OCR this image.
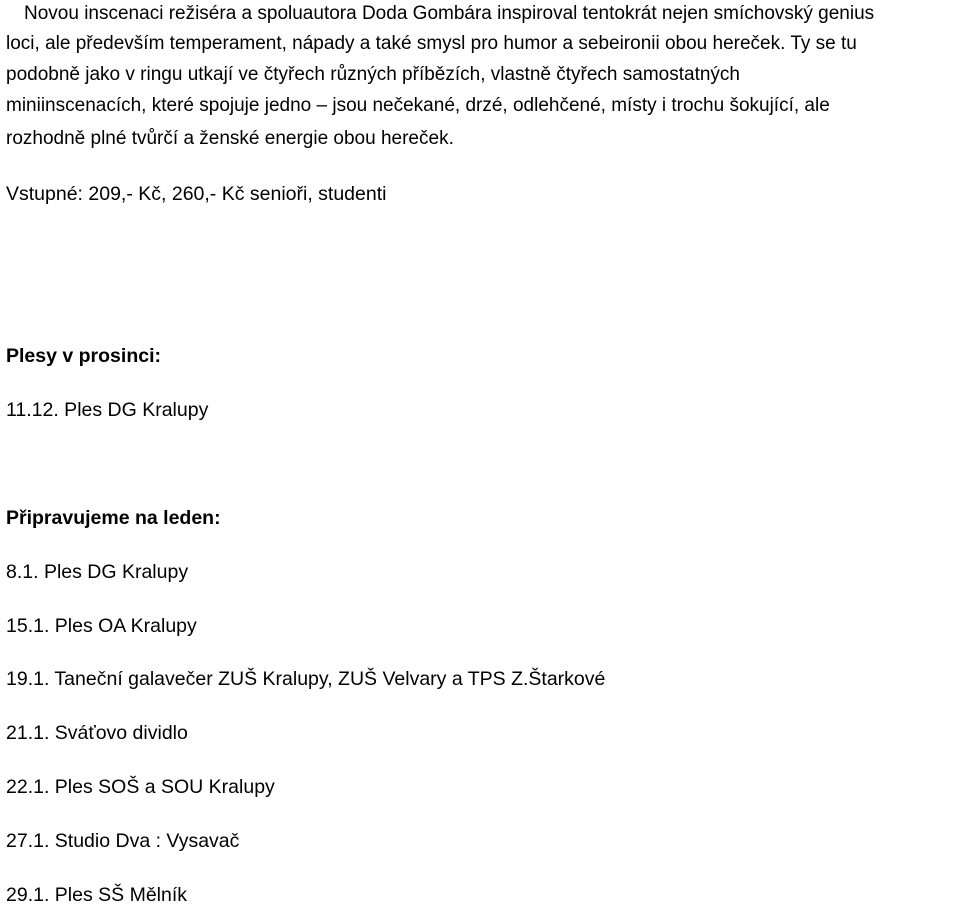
Novou inscenaci režiséra a spoluautora Doda Gombára inspiroval tentokrát nejen smíchovský genius
loci, ale především temperament, nápady a také smysl pro humor a sebeironii obou hereček. Ty se tu
podobně jako v ringu utkají ve čtyřech různých příbězích, vlastně čtyřech samostatných
miniinscenacích, které spojuje jedno – jsou nečekané, drzé, odlehčené, místy i trochu šokující, ale
rozhodně plné tvůrčí a ženské energie obou hereček.
Vstupné: 209,- Kč, 260,- Kč senioři, studenti
Plesy v prosinci:
11.12. Ples DG Kralupy
Připravujeme na leden:
8.1. Ples DG Kralupy
15.1. Ples OA Kralupy
19.1. Taneční galavečer ZUŠ Kralupy, ZUŠ Velvary a TPS Z.Štarkové
21.1. Sváťovo dividlo
22.1. Ples SOŠ a SOU Kralupy
27.1. Studio Dva : Vysavač
29.1. Ples SŠ Mělník
